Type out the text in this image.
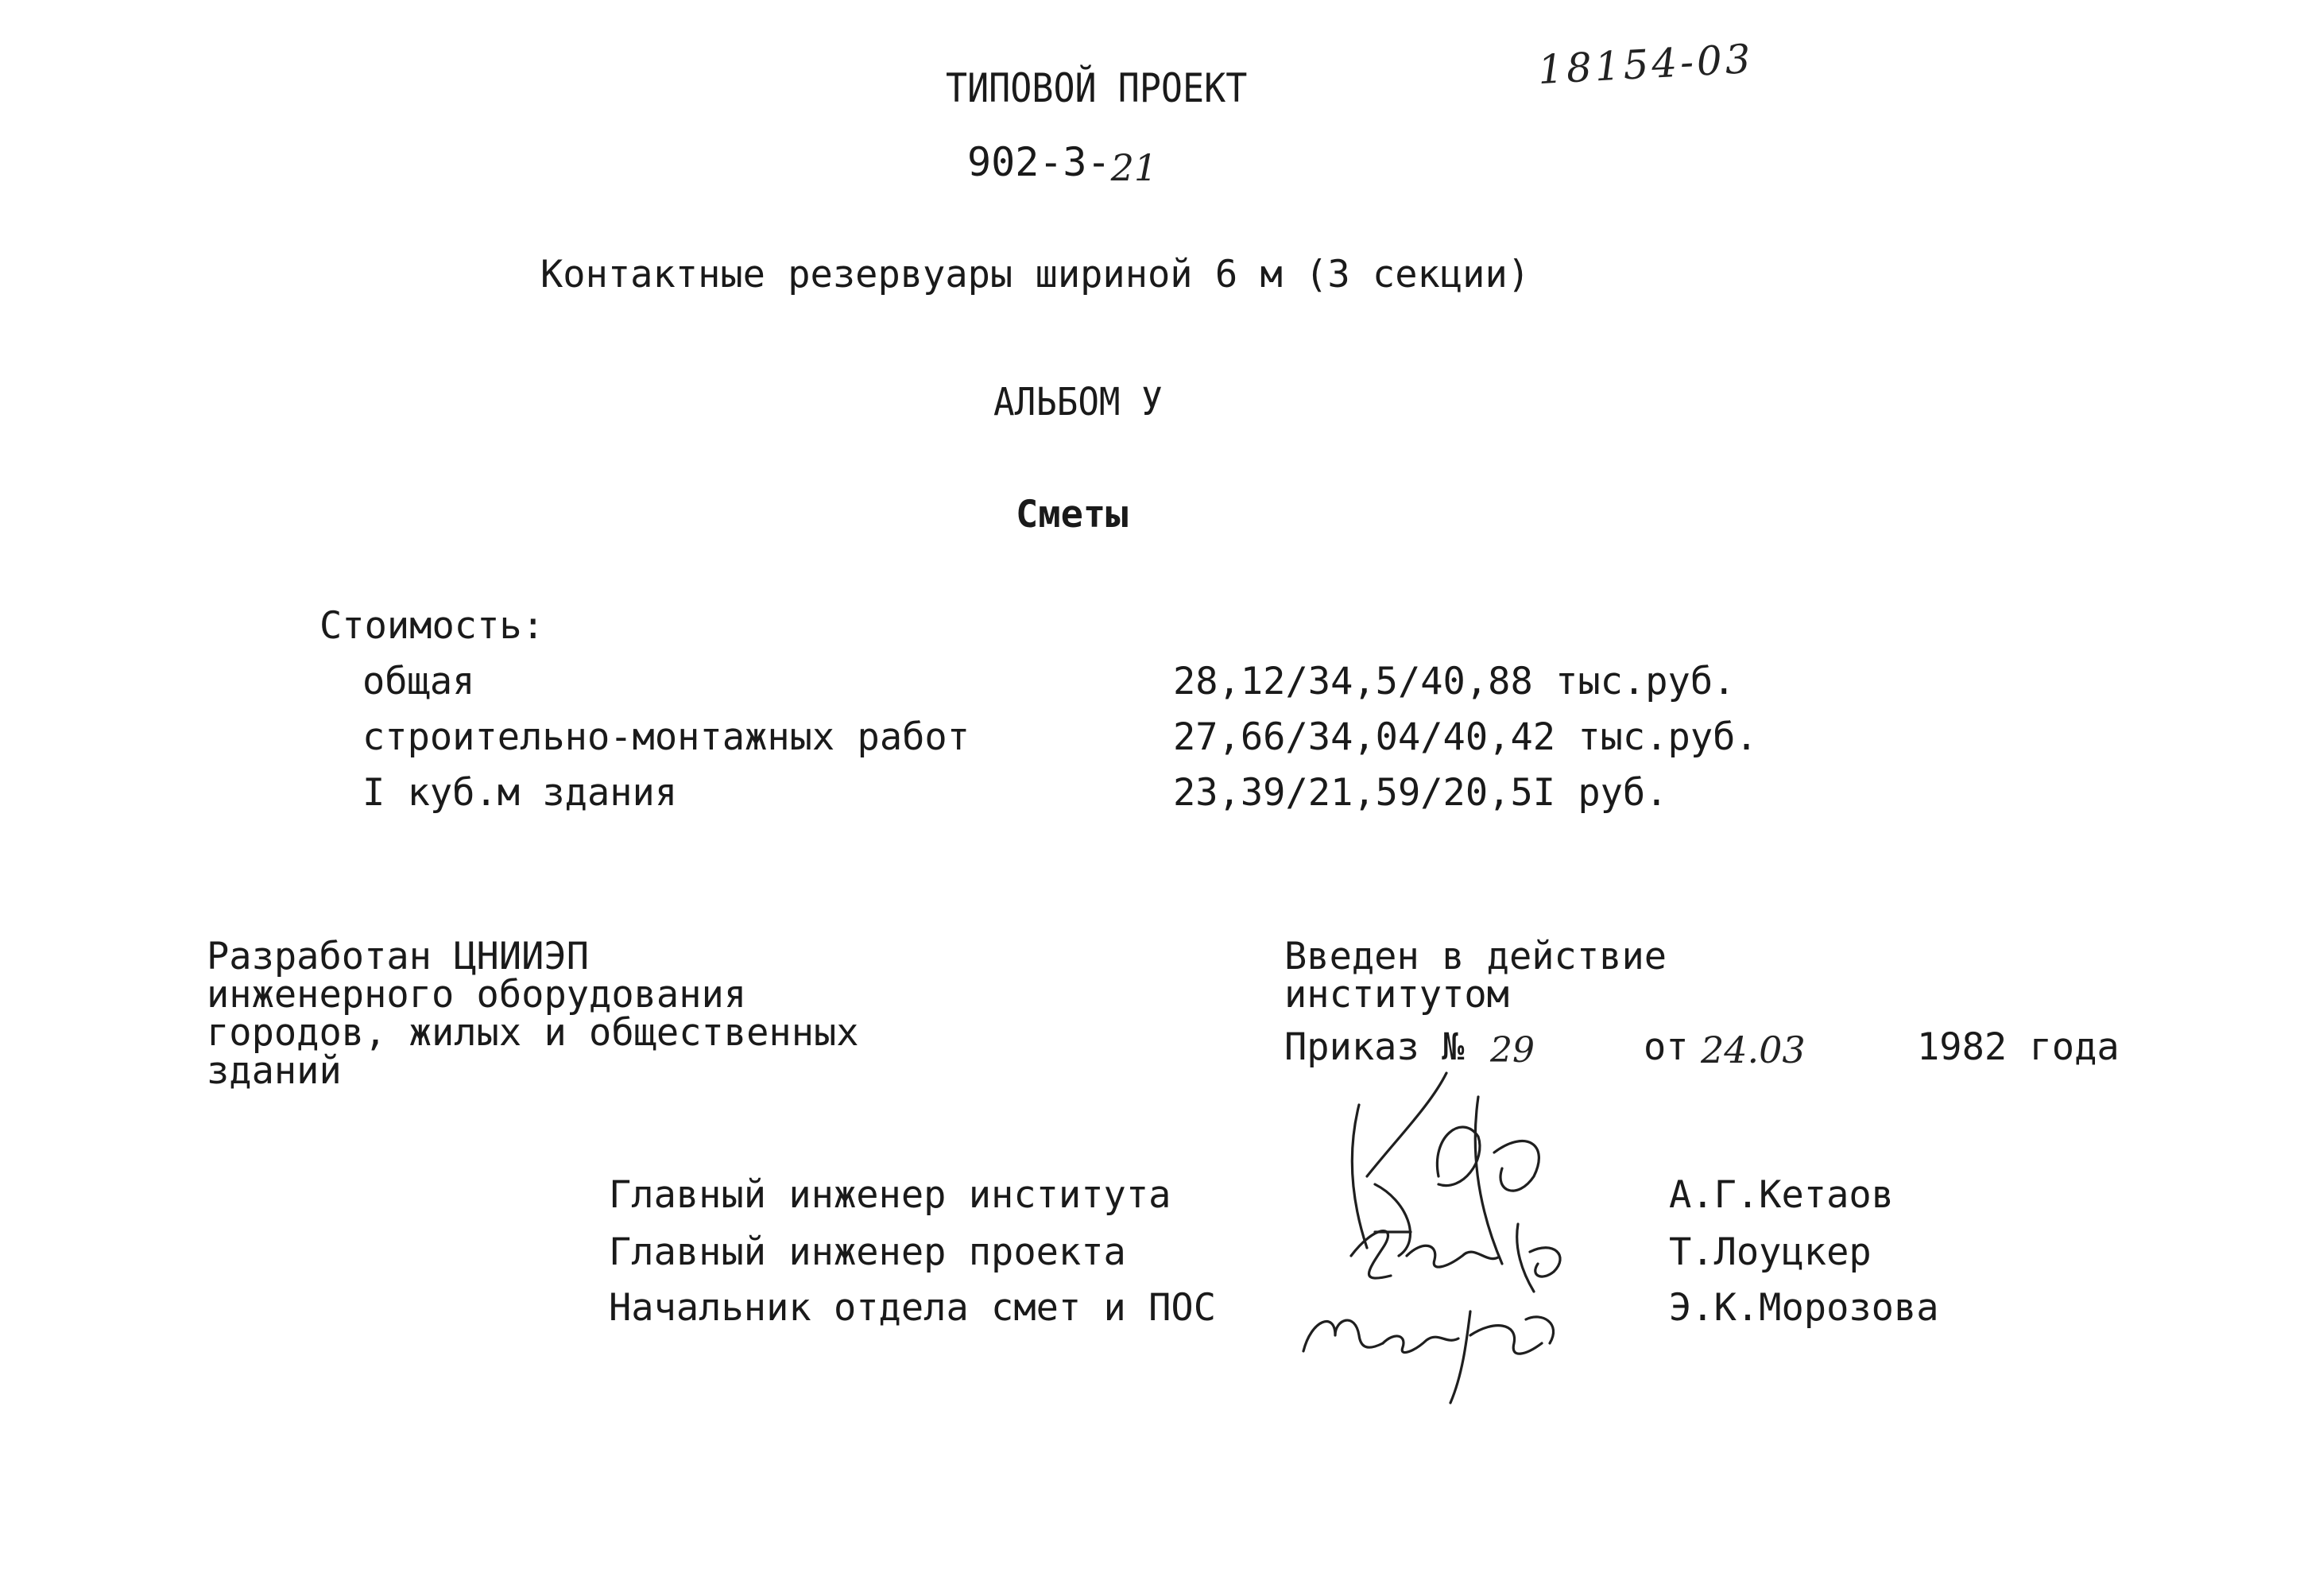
ТИПОВОЙ ПРОЕКТ	18154-03
902-3-21
Контактные резервуары шириной 6 м (3 секции)
АЛЬБОМ У
Сметы
Стоимость:
общая	28,12/34,5/40,88 тыс.руб.
строительно-монтажных работ	27,66/34,04/40,42 тыс.руб.
I куб.м здания	23,39/21,59/20,5I руб.
Разработан ЦНИИЭП
инженерного оборудования
городов, жилых и общественных
зданий
Введен в действие
институтом
Приказ № 29	от 24.03	1982 года
Главный инженер института	А.Г.Кетаов
Главный инженер проекта	Т.Лоуцкер
Начальник отдела смет и ПОС	Э.К.Морозова
